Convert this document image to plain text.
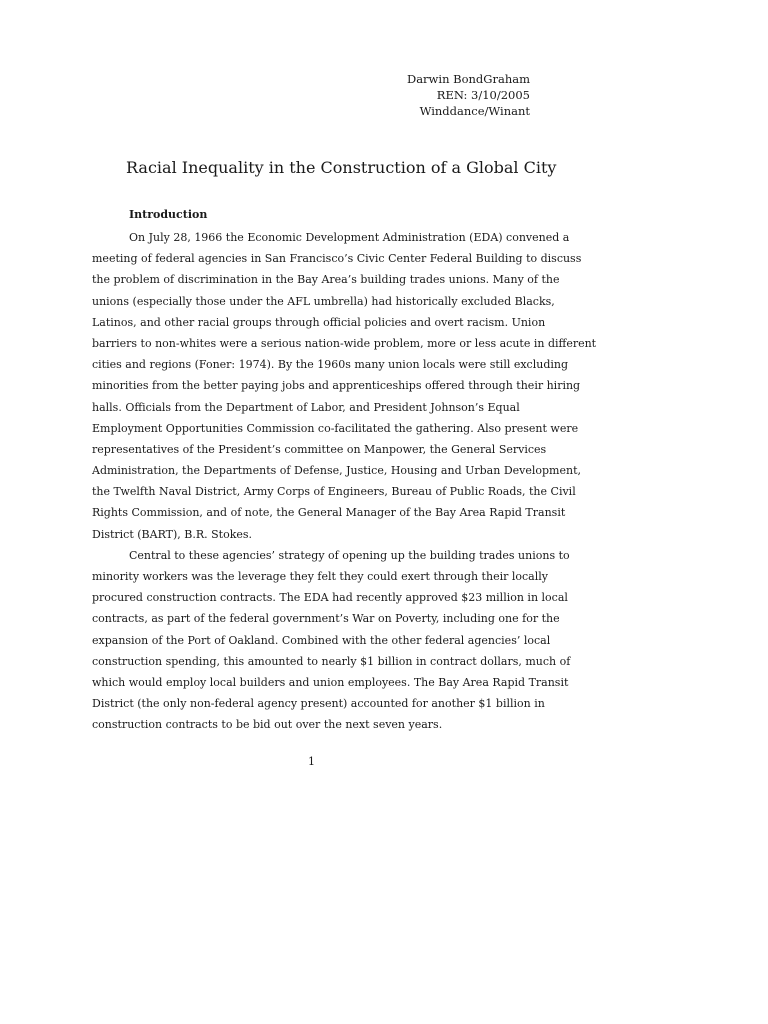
Darwin BondGraham
REN: 3/10/2005
Winddance/Winant
Racial Inequality in the Construction of a Global City
Introduction
On July 28, 1966 the Economic Development Administration (EDA) convened a
meeting of federal agencies in San Francisco’s Civic Center Federal Building to discuss
the problem of discrimination in the Bay Area’s building trades unions. Many of the
unions (especially those under the AFL umbrella) had historically excluded Blacks,
Latinos, and other racial groups through official policies and overt racism. Union
barriers to non-whites were a serious nation-wide problem, more or less acute in different
cities and regions (Foner: 1974). By the 1960s many union locals were still excluding
minorities from the better paying jobs and apprenticeships offered through their hiring
halls. Officials from the Department of Labor, and President Johnson’s Equal
Employment Opportunities Commission co-facilitated the gathering. Also present were
representatives of the President’s committee on Manpower, the General Services
Administration, the Departments of Defense, Justice, Housing and Urban Development,
the Twelfth Naval District, Army Corps of Engineers, Bureau of Public Roads, the Civil
Rights Commission, and of note, the General Manager of the Bay Area Rapid Transit
District (BART), B.R. Stokes.
Central to these agencies’ strategy of opening up the building trades unions to
minority workers was the leverage they felt they could exert through their locally
procured construction contracts. The EDA had recently approved $23 million in local
contracts, as part of the federal government’s War on Poverty, including one for the
expansion of the Port of Oakland. Combined with the other federal agencies’ local
construction spending, this amounted to nearly $1 billion in contract dollars, much of
which would employ local builders and union employees. The Bay Area Rapid Transit
District (the only non-federal agency present) accounted for another $1 billion in
construction contracts to be bid out over the next seven years.
1
